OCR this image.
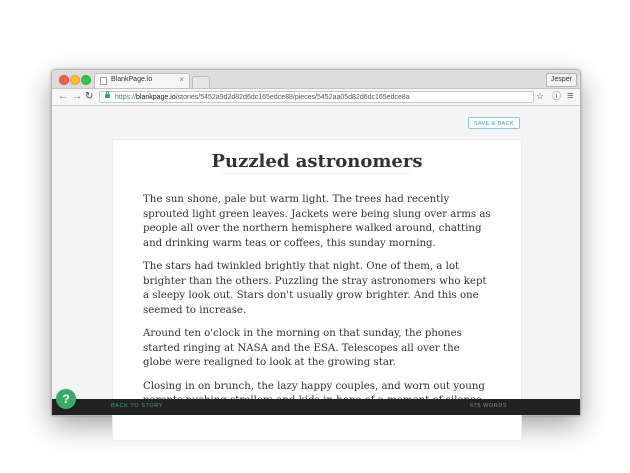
BlankPage.io	×	Jesper
← → ↻	https://blankpage.io/stories/5452a9d2d82d6dc165edce88/pieces/5452aa05d82d6dc165edce8a	☆ ⓘ ≡
SAVE & BACK
Puzzled astronomers

The sun shone, pale but warm light. The trees had recently sprouted light green leaves. Jackets were being slung over arms as people all over the northern hemisphere walked around, chatting and drinking warm teas or coffees, this sunday morning.

The stars had twinkled brightly that night. One of them, a lot brighter than the others. Puzzling the stray astronomers who kept a sleepy look out. Stars don't usually grow brighter. And this one seemed to increase.

Around ten o'clock in the morning on that sunday, the phones started ringing at NASA and the ESA. Telescopes all over the globe were realigned to look at the growing star.

Closing in on brunch, the lazy happy couples, and worn out young

BACK TO STORY	675 WORDS
?
